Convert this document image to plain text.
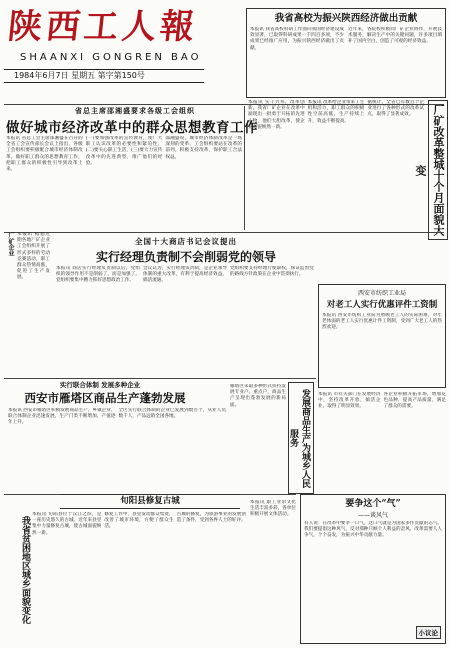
陕西工人報
SHAANXI GONGREN BAO
1984年6月7日 星期五 第字第150号
我省高校为振兴陕西经济做出贡献
本报讯 我省高校科研工作面向我国经济建设成效显著，已取得科研成果一千四百多项，不少成果已经推广应用，为振兴陕西经济做出了贡献。
近年来，各院校积极同厂矿企业协作，开展技术服务，解决生产中的关键问题，许多项目填补了国内空白，创造了可观的经济效益。
省总主席邵湘盛要求各级工会组织
做好城市经济改革中的群众思想教育工作
本报讯 省总工会主席邵湘盛在召开的全省工会宣传部长会议上指出，各级工会组织要积极配合城市经济体制改革，做好职工群众的思想教育工作，把职工群众的积极性引导到改革上来。
(一)要加强改革的宣传教育，使广大职工认识改革的必要性和紧迫性，(二)要关心职工生活，(三)要大力宣传改革中的先进典型，推广他们的经验。
邵湘盛说，城市经济体制改革是一场深刻的变革，工会组织要站在改革的前列，积极支持改革，保护职工合法权益。
本报讯 实干兴邦，改革创新。我省厂矿企业在改革中涌现出一批勇于开拓的先进人物，他们大胆改革，使企业面貌焕然一新。
本报讯 改革给企业带来了生机和活力，职工群众的积极性空前高涨，生产持续上升，效益不断提高。
据统计，全省已有数百个企业进行了各种形式的改革试点，取得了显著成效。	厂矿改革整城十个月面貌大变
厂矿企业 本报讯 据悉近期各地厂矿企业工会组织开展了形式多样的劳动竞赛活动，职工群众热情高涨，促进了生产发展。
全国十大商店书记会议提出
实行经理负责制不会削弱党的领导
本报讯 商店实行经理负责制以后，党组织的领导作用不是削弱了，而是加强了。党组织要集中精力抓好思想政治工作。
会议认为，实行经理负责制，是企业领导体制的重大改革，有利于提高经济效益，搞活流通。
党组织要支持经理行使职权，保证监督党的路线方针政策在企业中贯彻执行。
西安市纺织工业局
对老工人实行优惠评件工资制
本报讯 西安市纺织工业局为照顾老工人的实际困难，对年老体弱的老工人实行优惠计件工资制，受到广大老工人的热烈欢迎。
实行联合体制 发展多种企业
西安市雁塔区商品生产蓬勃发展
本报讯 西安市雁塔区积极发展商品生产，乡镇企业、联合体制企业迅速发展，生产门类不断增加，产值逐年上升。
全区实行联合体制的企业已发展到数百个，从业人员数千人，产品远销全国各地。
雁塔区采取多种形式扶持发展专业户、重点户，商品生产呈现出蓬勃发展的新局面。	发展商品生产为城乡人民服务
本报讯 市有关部门在发展经济中，坚持改革开放，搞活企业，取得了明显效果。
各企业积极开拓市场，增加花色品种，提高产品质量，满足了群众的需要。
旬阳县修复古城
我省贫困地区城乡面貌变化
本报讯 旬阳县位于汉江之滨，是一座历史悠久的古城。近年来县里集中力量修复古城，使古城面貌焕然一新。
修复工作中，县里发动群众集资，改善了城市环境，方便了群众生活。
古城的修复，为旅游事业的发展创造了条件，受到各界人士的好评。
本报讯 职工业余文化生活丰富多彩，各单位积极开展文体活动。
要争这个“气”
——谈风气
有人说：在改革中要争一口气，这口气就是为国家多作贡献的志气。我们要提倡这种风气，反对那种只顾个人利益的歪风。改革需要人人争气，个个奋发，为振兴中华贡献力量。
小议论
